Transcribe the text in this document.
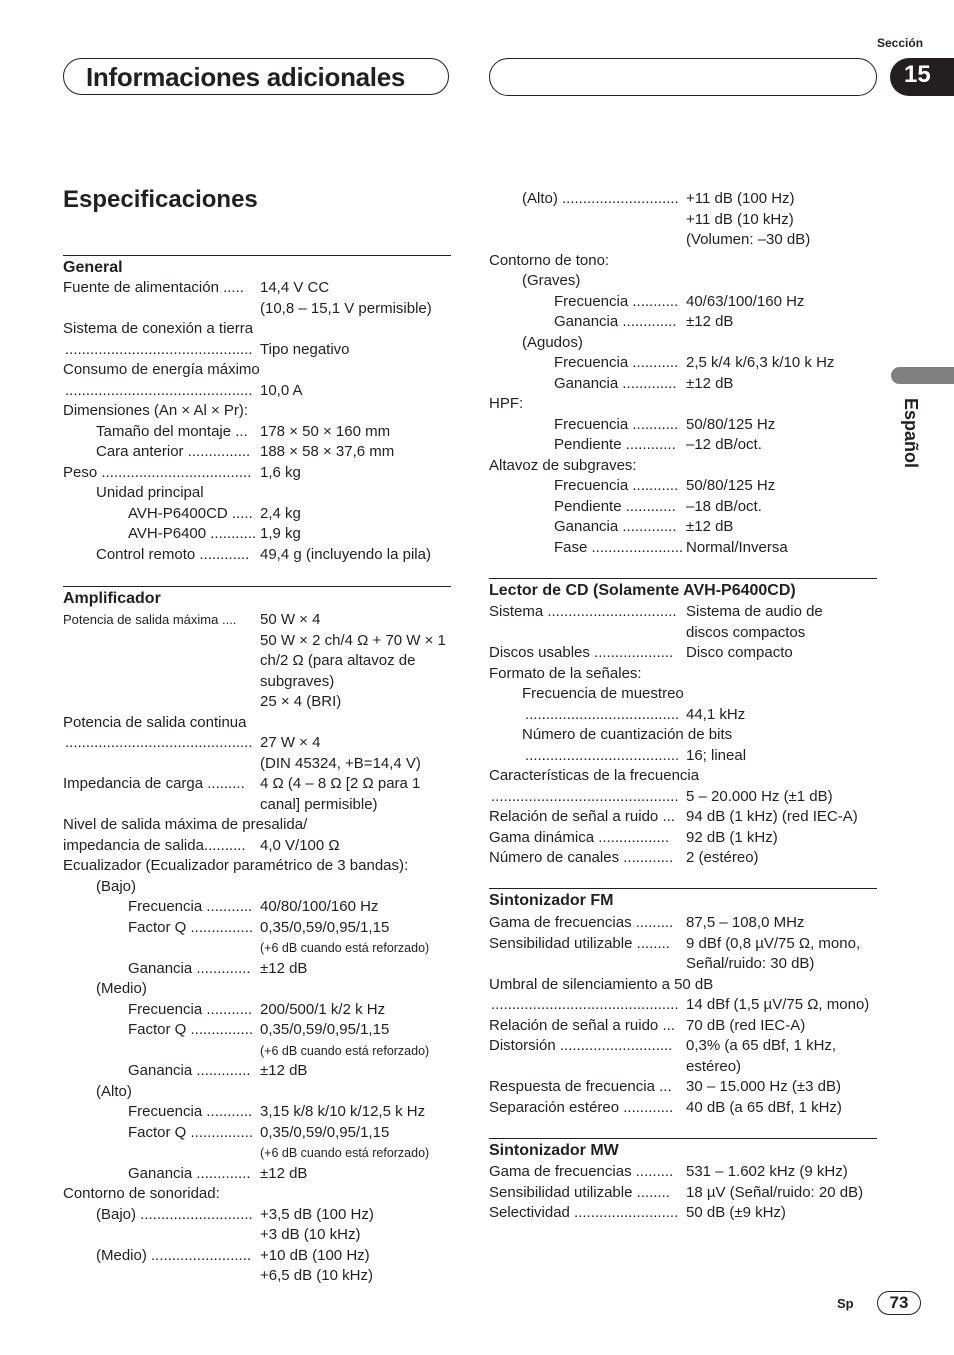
Sección
Informaciones adicionales	15
Español
Especificaciones
General
Fuente de alimentación ..... 14,4 V CC
(10,8 – 15,1 V permisible)
Sistema de conexión a tierra
............................................. Tipo negativo
Consumo de energía máximo
............................................. 10,0 A
Dimensiones (An × Al × Pr):
Tamaño del montaje ... 178 × 50 × 160 mm
Cara anterior ............... 188 × 58 × 37,6 mm
Peso .................................... 1,6 kg
Unidad principal
AVH-P6400CD ..... 2,4 kg
AVH-P6400 ........... 1,9 kg
Control remoto ............ 49,4 g (incluyendo la pila)
Amplificador
Potencia de salida máxima .... 50 W × 4
50 W × 2 ch/4 Ω + 70 W × 1
ch/2 Ω (para altavoz de
subgraves)
25 × 4 (BRI)
Potencia de salida continua
............................................. 27 W × 4
(DIN 45324, +B=14,4 V)
Impedancia de carga ......... 4 Ω (4 – 8 Ω [2 Ω para 1
canal] permisible)
Nivel de salida máxima de presalida/
impedancia de salida.......... 4,0 V/100 Ω
Ecualizador (Ecualizador paramétrico de 3 bandas):
(Bajo)
Frecuencia ........... 40/80/100/160 Hz
Factor Q ............... 0,35/0,59/0,95/1,15
(+6 dB cuando está reforzado)
Ganancia ............. ±12 dB
(Medio)
Frecuencia ........... 200/500/1 k/2 k Hz
Factor Q ............... 0,35/0,59/0,95/1,15
(+6 dB cuando está reforzado)
Ganancia ............. ±12 dB
(Alto)
Frecuencia ........... 3,15 k/8 k/10 k/12,5 k Hz
Factor Q ............... 0,35/0,59/0,95/1,15
(+6 dB cuando está reforzado)
Ganancia ............. ±12 dB
Contorno de sonoridad:
(Bajo) ........................... +3,5 dB (100 Hz)
+3 dB (10 kHz)
(Medio) ........................ +10 dB (100 Hz)
+6,5 dB (10 kHz)
(Alto) ............................ +11 dB (100 Hz)
+11 dB (10 kHz)
(Volumen: –30 dB)
Contorno de tono:
(Graves)
Frecuencia ........... 40/63/100/160 Hz
Ganancia ............. ±12 dB
(Agudos)
Frecuencia ........... 2,5 k/4 k/6,3 k/10 k Hz
Ganancia ............. ±12 dB
HPF:
Frecuencia ........... 50/80/125 Hz
Pendiente ............ –12 dB/oct.
Altavoz de subgraves:
Frecuencia ........... 50/80/125 Hz
Pendiente ............ –18 dB/oct.
Ganancia ............. ±12 dB
Fase ...................... Normal/Inversa
Lector de CD (Solamente AVH-P6400CD)
Sistema ............................... Sistema de audio de
discos compactos
Discos usables ................... Disco compacto
Formato de la señales:
Frecuencia de muestreo
..................................... 44,1 kHz
Número de cuantización de bits
..................................... 16; lineal
Características de la frecuencia
............................................. 5 – 20.000 Hz (±1 dB)
Relación de señal a ruido ... 94 dB (1 kHz) (red IEC-A)
Gama dinámica ................. 92 dB (1 kHz)
Número de canales ............ 2 (estéreo)
Sintonizador FM
Gama de frecuencias ......... 87,5 – 108,0 MHz
Sensibilidad utilizable ........ 9 dBf (0,8 µV/75 Ω, mono,
Señal/ruido: 30 dB)
Umbral de silenciamiento a 50 dB
............................................. 14 dBf (1,5 µV/75 Ω, mono)
Relación de señal a ruido ... 70 dB (red IEC-A)
Distorsión ........................... 0,3% (a 65 dBf, 1 kHz,
estéreo)
Respuesta de frecuencia ... 30 – 15.000 Hz (±3 dB)
Separación estéreo ............ 40 dB (a 65 dBf, 1 kHz)
Sintonizador MW
Gama de frecuencias ......... 531 – 1.602 kHz (9 kHz)
Sensibilidad utilizable ........ 18 µV (Señal/ruido: 20 dB)
Selectividad ......................... 50 dB (±9 kHz)
Sp	73
